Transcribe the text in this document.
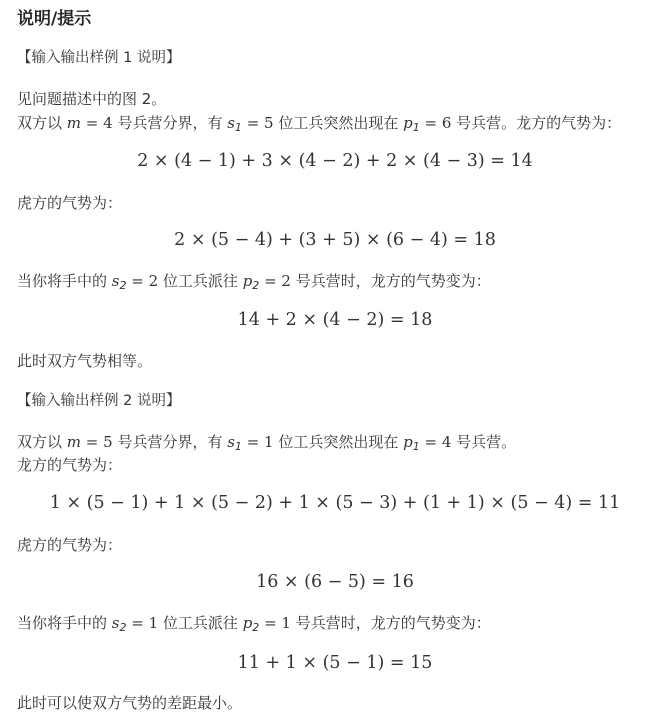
说明/提示
【输入输出样例 1 说明】
见问题描述中的图 2。
双方以 m = 4 号兵营分界，有 $s_1 = 5$ 位工兵突然出现在 $p_1 = 6$ 号兵营。龙方的气势为：
2 × (4 − 1) + 3 × (4 − 2) + 2 × (4 − 3) = 14
虎方的气势为：
2 × (5 − 4) + (3 + 5) × (6 − 4) = 18
当你将手中的 $s_2 = 2$ 位工兵派往 $p_2 = 2$ 号兵营时，龙方的气势变为：
14 + 2 × (4 − 2) = 18
此时双方气势相等。
【输入输出样例 2 说明】
双方以 m = 5 号兵营分界，有 $s_1 = 1$ 位工兵突然出现在 $p_1 = 4$ 号兵营。
龙方的气势为：
1 × (5 − 1) + 1 × (5 − 2) + 1 × (5 − 3) + (1 + 1) × (5 − 4) = 11
虎方的气势为：
16 × (6 − 5) = 16
当你将手中的 $s_2 = 1$ 位工兵派往 $p_2 = 1$ 号兵营时，龙方的气势变为：
11 + 1 × (5 − 1) = 15
此时可以使双方气势的差距最小。
